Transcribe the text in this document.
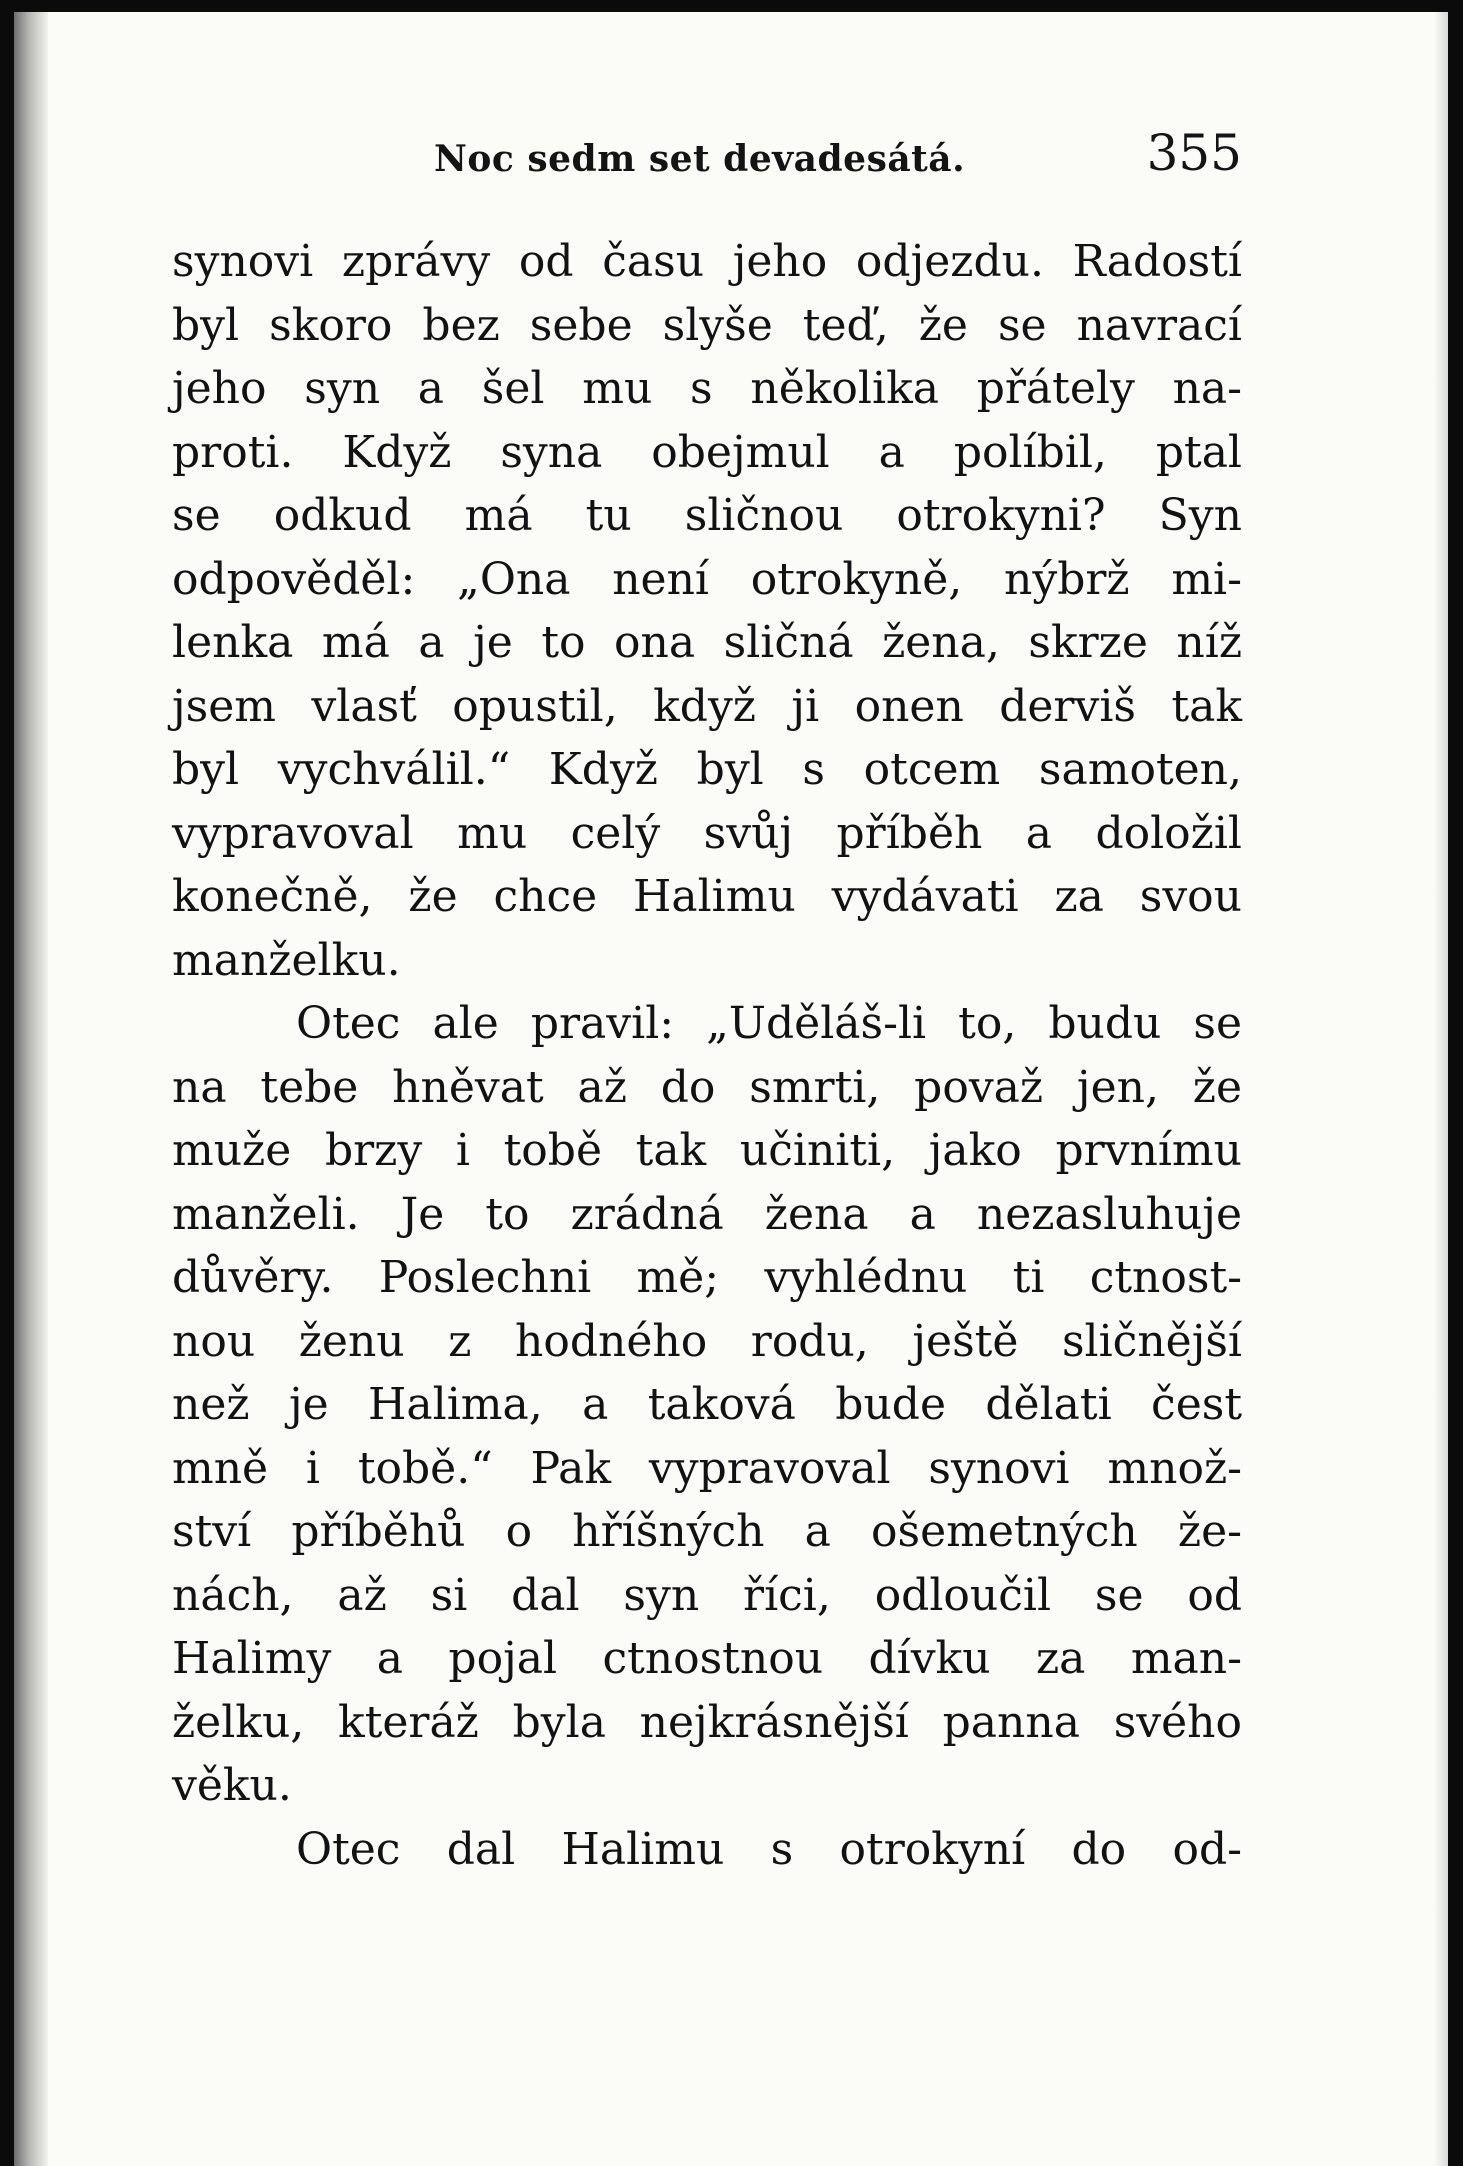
Noc sedm set devadesátá.	355
synovi zprávy od času jeho odjezdu. Radostí
byl skoro bez sebe slyše teď, že se navrací
jeho syn a šel mu s několika přátely na-
proti. Když syna obejmul a políbil, ptal
se odkud má tu sličnou otrokyni? Syn
odpověděl: „Ona není otrokyně, nýbrž mi-
lenka má a je to ona sličná žena, skrze níž
jsem vlasť opustil, když ji onen derviš tak
byl vychválil.“ Když byl s otcem samoten,
vypravoval mu celý svůj příběh a doložil
konečně, že chce Halimu vydávati za svou
manželku.
Otec ale pravil: „Uděláš-li to, budu se
na tebe hněvat až do smrti, považ jen, že
muže brzy i tobě tak učiniti, jako prvnímu
manželi. Je to zrádná žena a nezasluhuje
důvěry. Poslechni mě; vyhlédnu ti ctnost-
nou ženu z hodného rodu, ještě sličnější
než je Halima, a taková bude dělati čest
mně i tobě.“ Pak vypravoval synovi množ-
ství příběhů o hříšných a ošemetných že-
nách, až si dal syn říci, odloučil se od
Halimy a pojal ctnostnou dívku za man-
želku, kteráž byla nejkrásnější panna svého
věku.
Otec dal Halimu s otrokyní do od-
